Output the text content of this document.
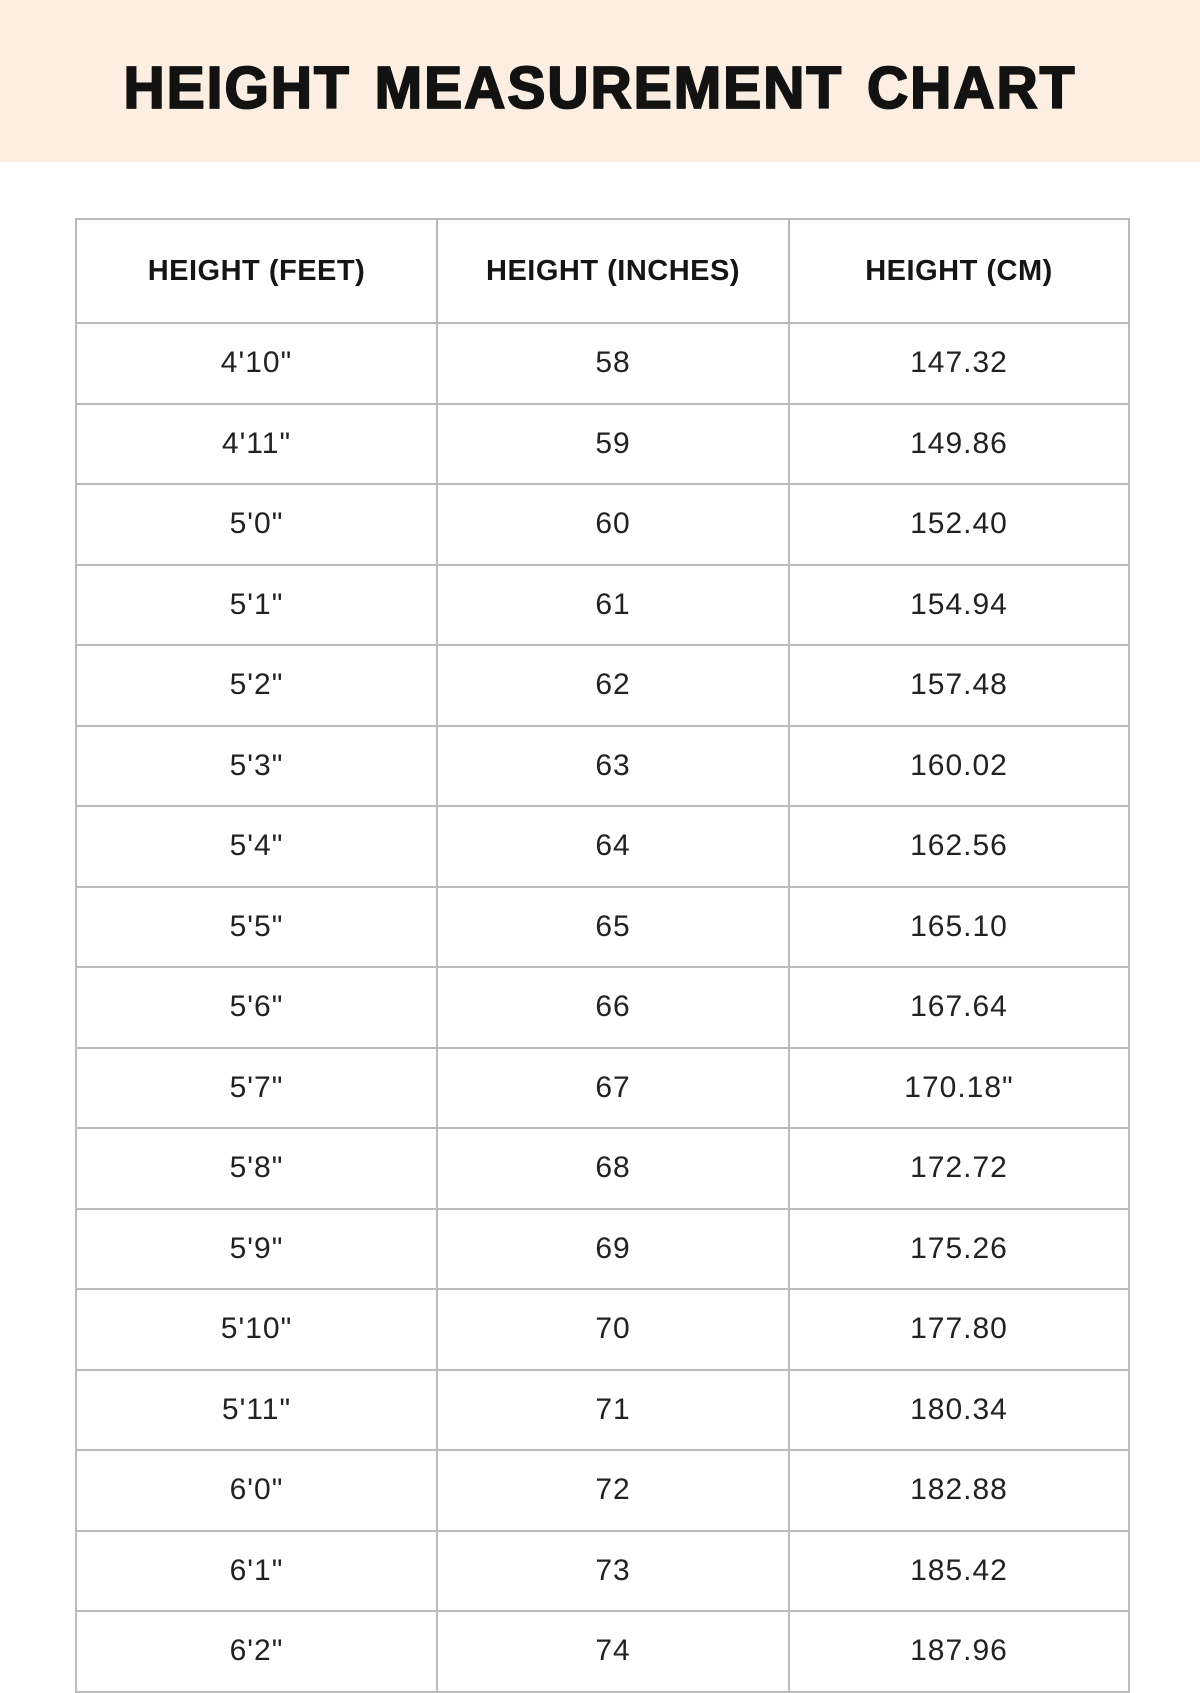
HEIGHT MEASUREMENT CHART
HEIGHT (FEET)	HEIGHT (INCHES)	HEIGHT (CM)
4'10"	58	147.32
4'11"	59	149.86
5'0"	60	152.40
5'1"	61	154.94
5'2"	62	157.48
5'3"	63	160.02
5'4"	64	162.56
5'5"	65	165.10
5'6"	66	167.64
5'7"	67	170.18"
5'8"	68	172.72
5'9"	69	175.26
5'10"	70	177.80
5'11"	71	180.34
6'0"	72	182.88
6'1"	73	185.42
6'2"	74	187.96
